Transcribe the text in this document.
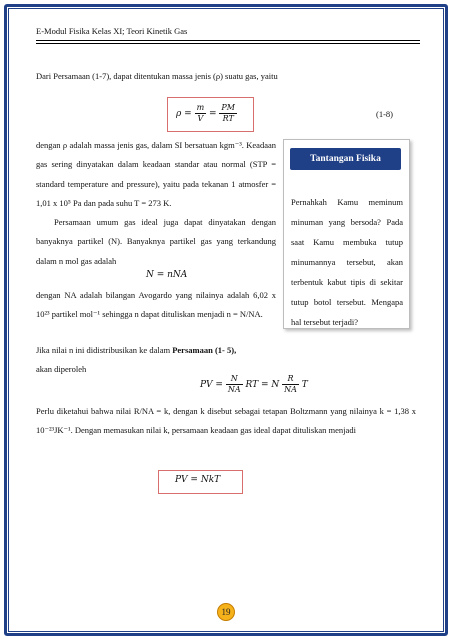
E-Modul Fisika Kelas XI; Teori Kinetik Gas
Dari Persamaan (1-7), dapat ditentukan massa jenis (ρ) suatu gas, yaitu
$\rho = \frac{m}{V} = \frac{PM}{RT}$	(1-8)
dengan ρ adalah massa jenis gas, dalam SI bersatuan kgm⁻³. Keadaan gas sering dinyatakan dalam keadaan standar atau normal (STP = standard temperature and pressure), yaitu pada tekanan 1 atmosfer = 1,01 x 10⁵ Pa dan pada suhu T = 273 K.
Persamaan umum gas ideal juga dapat dinyatakan dengan banyaknya partikel (N). Banyaknya partikel gas yang terkandung dalam n mol gas adalah
N = nNA
dengan NA adalah bilangan Avogardo yang nilainya adalah 6,02 x 10²³ partikel mol⁻¹ sehingga n dapat dituliskan menjadi n = N/NA.
Jika nilai n ini didistribusikan ke dalam Persamaan (1- 5),
akan diperoleh
PV = $\frac{N}{NA}$ RT = N $\frac{R}{NA}$ T
Perlu diketahui bahwa nilai R/NA = k, dengan k disebut sebagai tetapan Boltzmann yang nilainya k = 1,38 x 10⁻²³JK⁻¹. Dengan memasukan nilai k, persamaan keadaan gas ideal dapat dituliskan menjadi
PV = NkT
Tantangan Fisika
Pernahkah Kamu meminum minuman yang bersoda? Pada saat Kamu membuka tutup minumannya tersebut, akan terbentuk kabut tipis di sekitar tutup botol tersebut. Mengapa hal tersebut terjadi?
19
